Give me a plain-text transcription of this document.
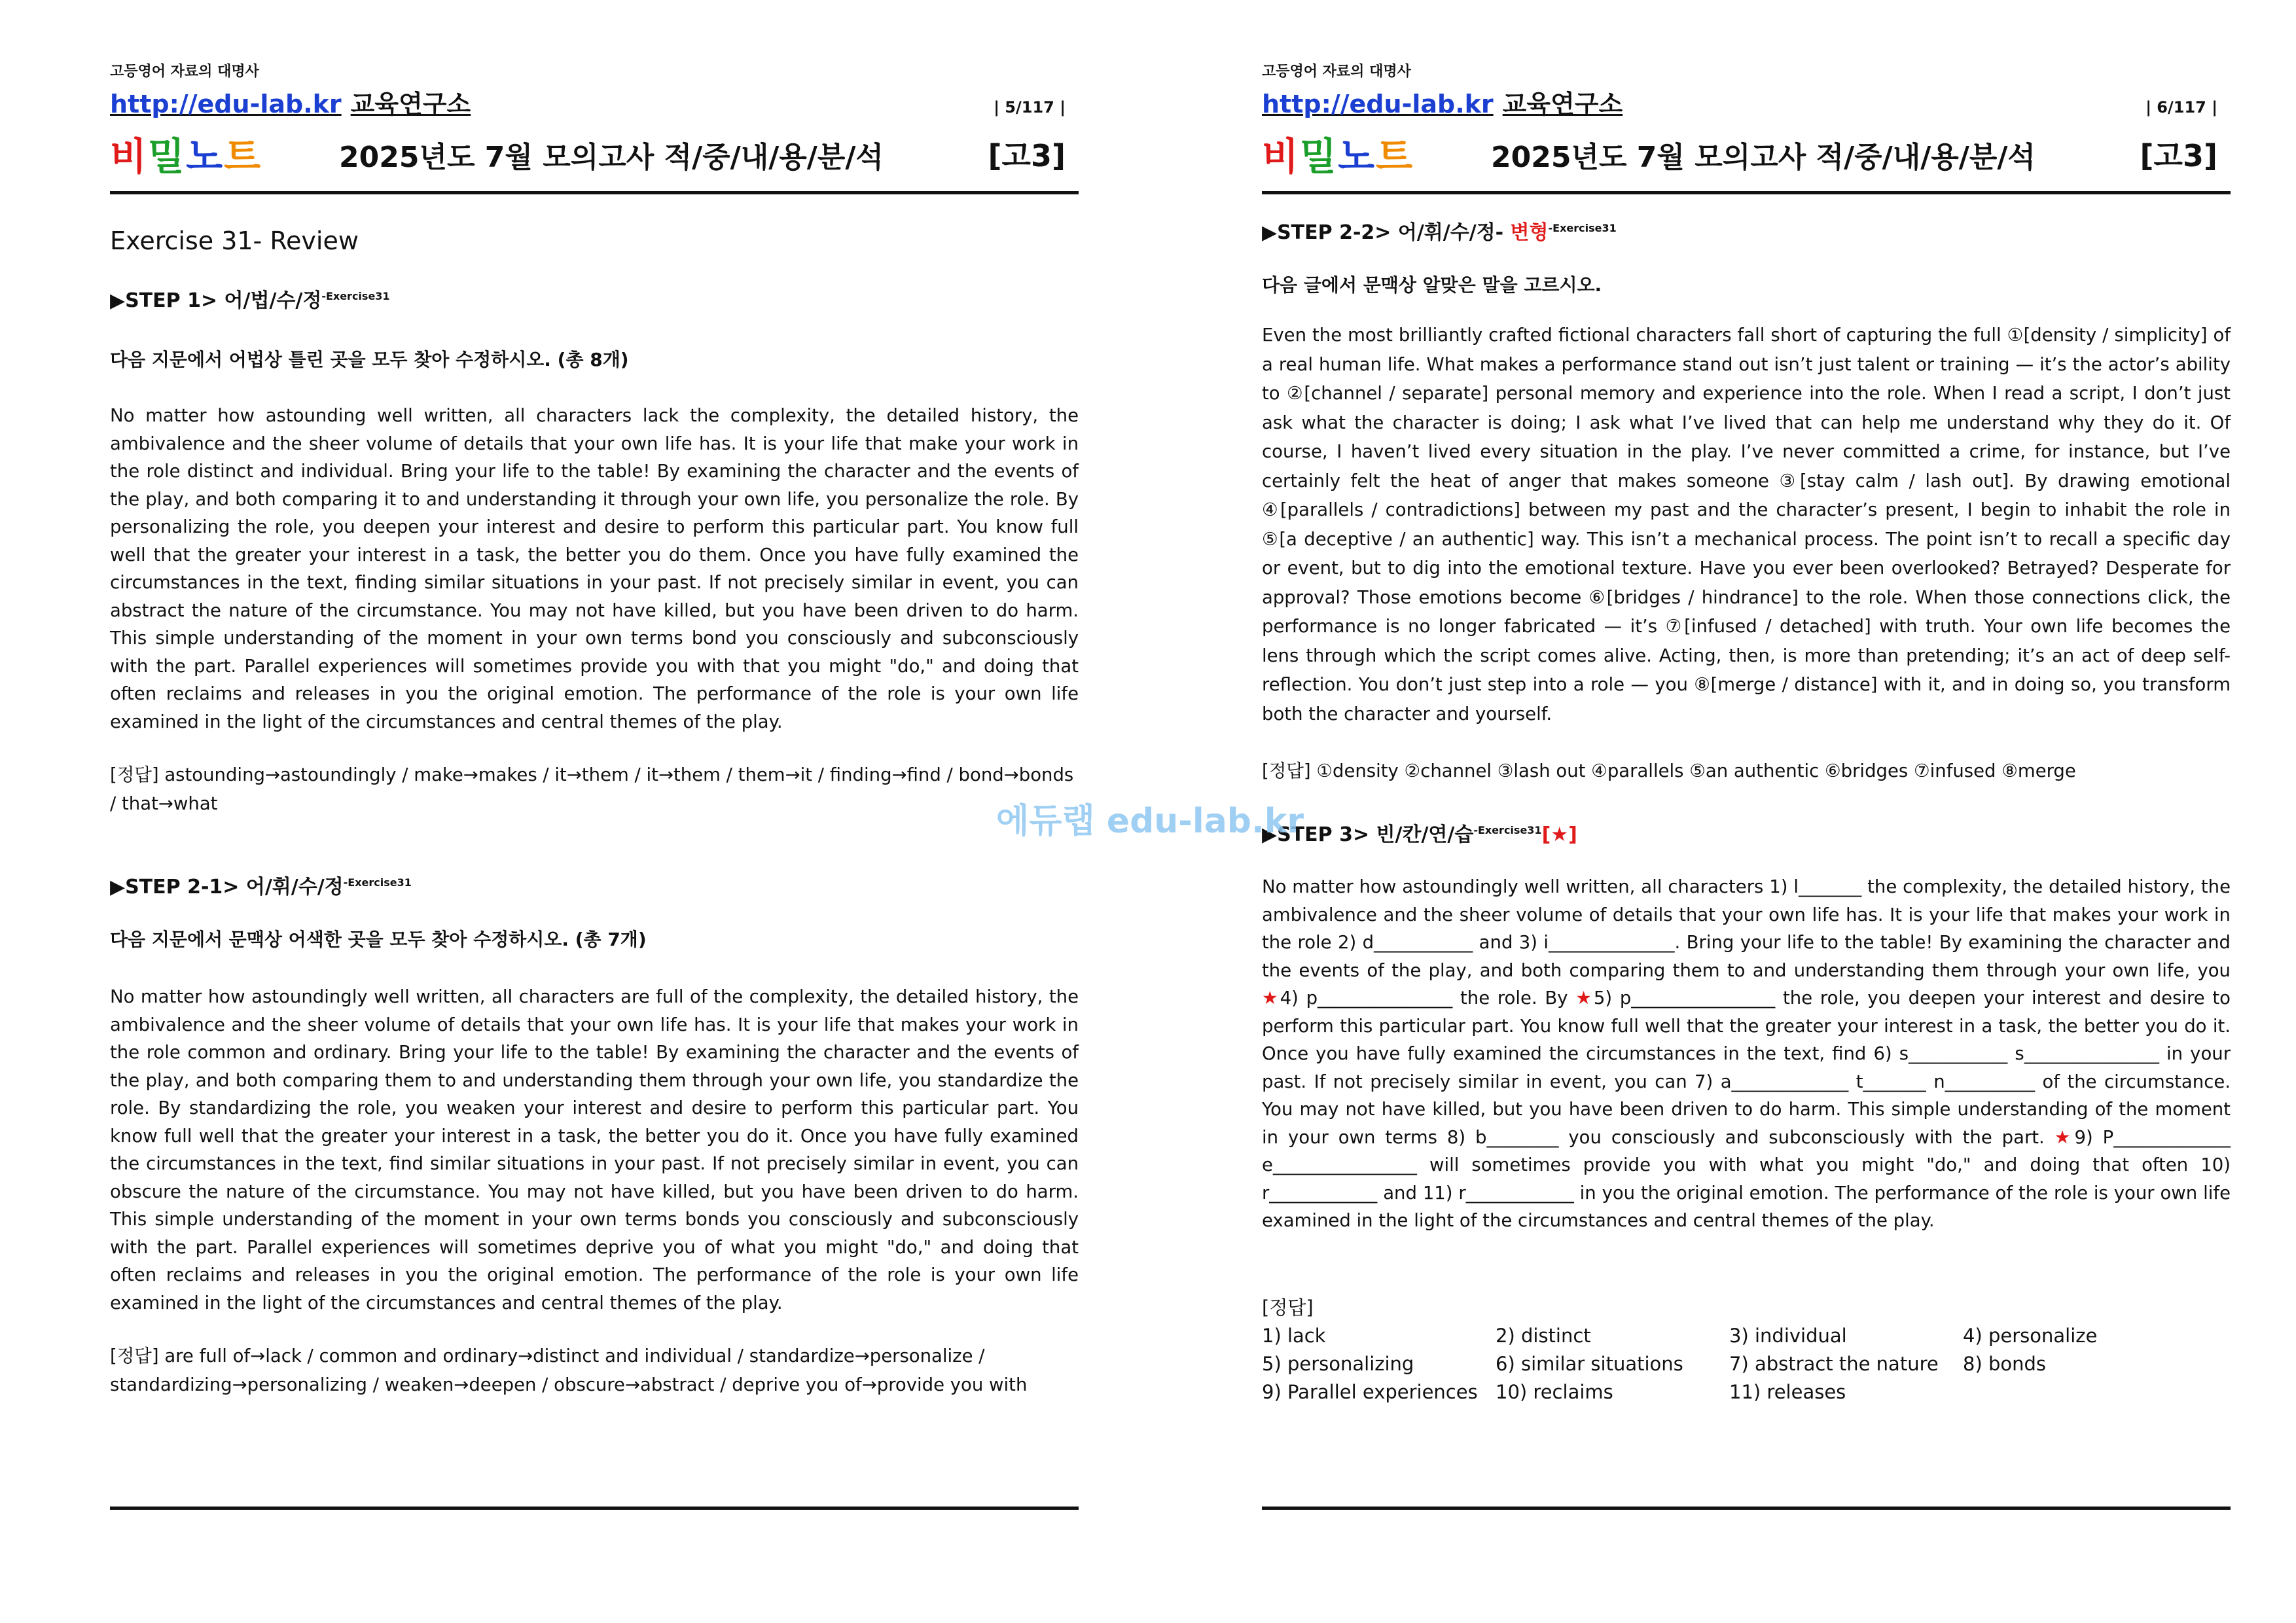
고등영어 자료의 대명사
http://edu-lab.kr 교육연구소	| 5/117 |
비밀노트	2025년도 7월 모의고사 적/중/내/용/분/석	[고3]
Exercise 31- Review
▶STEP 1> 어/법/수/정$^{-Exercise31}$
다음 지문에서 어법상 틀린 곳을 모두 찾아 수정하시오. (총 8개)
No matter how astounding well written, all characters lack the complexity, the detailed history, the ambivalence and the sheer volume of details that your own life has. It is your life that make your work in the role distinct and individual. Bring your life to the table! By examining the character and the events of the play, and both comparing it to and understanding it through your own life, you personalize the role. By personalizing the role, you deepen your interest and desire to perform this particular part. You know full well that the greater your interest in a task, the better you do them. Once you have fully examined the circumstances in the text, finding similar situations in your past. If not precisely similar in event, you can abstract the nature of the circumstance. You may not have killed, but you have been driven to do harm. This simple understanding of the moment in your own terms bond you consciously and subconsciously with the part. Parallel experiences will sometimes provide you with that you might "do," and doing that often reclaims and releases in you the original emotion. The performance of the role is your own life examined in the light of the circumstances and central themes of the play.
[정답] astounding→astoundingly / make→makes / it→them / it→them / them→it / finding→find / bond→bonds / that→what
▶STEP 2-1> 어/휘/수/정$^{-Exercise31}$
다음 지문에서 문맥상 어색한 곳을 모두 찾아 수정하시오. (총 7개)
No matter how astoundingly well written, all characters are full of the complexity, the detailed history, the ambivalence and the sheer volume of details that your own life has. It is your life that makes your work in the role common and ordinary. Bring your life to the table! By examining the character and the events of the play, and both comparing them to and understanding them through your own life, you standardize the role. By standardizing the role, you weaken your interest and desire to perform this particular part. You know full well that the greater your interest in a task, the better you do it. Once you have fully examined the circumstances in the text, find similar situations in your past. If not precisely similar in event, you can obscure the nature of the circumstance. You may not have killed, but you have been driven to do harm. This simple understanding of the moment in your own terms bonds you consciously and subconsciously with the part. Parallel experiences will sometimes deprive you of what you might "do," and doing that often reclaims and releases in you the original emotion. The performance of the role is your own life examined in the light of the circumstances and central themes of the play.
[정답] are full of→lack / common and ordinary→distinct and individual / standardize→personalize / standardizing→personalizing / weaken→deepen / obscure→abstract / deprive you of→provide you with
고등영어 자료의 대명사
http://edu-lab.kr 교육연구소	| 6/117 |
비밀노트	2025년도 7월 모의고사 적/중/내/용/분/석	[고3]
▶STEP 2-2> 어/휘/수/정- 변형$^{-Exercise31}$
다음 글에서 문맥상 알맞은 말을 고르시오.
Even the most brilliantly crafted fictional characters fall short of capturing the full ①[density / simplicity] of a real human life. What makes a performance stand out isn’t just talent or training — it’s the actor’s ability to ②[channel / separate] personal memory and experience into the role. When I read a script, I don’t just ask what the character is doing; I ask what I’ve lived that can help me understand why they do it. Of course, I haven’t lived every situation in the play. I’ve never committed a crime, for instance, but I’ve certainly felt the heat of anger that makes someone ③[stay calm / lash out]. By drawing emotional ④[parallels / contradictions] between my past and the character’s present, I begin to inhabit the role in ⑤[a deceptive / an authentic] way. This isn’t a mechanical process. The point isn’t to recall a specific day or event, but to dig into the emotional texture. Have you ever been overlooked? Betrayed? Desperate for approval? Those emotions become ⑥[bridges / hindrance] to the role. When those connections click, the performance is no longer fabricated — it’s ⑦[infused / detached] with truth. Your own life becomes the lens through which the script comes alive. Acting, then, is more than pretending; it’s an act of deep self-reflection. You don’t just step into a role — you ⑧[merge / distance] with it, and in doing so, you transform both the character and yourself.
[정답] ①density ②channel ③lash out ④parallels ⑤an authentic ⑥bridges ⑦infused ⑧merge
▶STEP 3> 빈/칸/연/습$^{-Exercise31}$[★]
No matter how astoundingly well written, all characters 1) l_______ the complexity, the detailed history, the ambivalence and the sheer volume of details that your own life has. It is your life that makes your work in the role 2) d___________ and 3) i______________. Bring your life to the table! By examining the character and the events of the play, and both comparing them to and understanding them through your own life, you ★4) p_______________ the role. By ★5) p________________ the role, you deepen your interest and desire to perform this particular part. You know full well that the greater your interest in a task, the better you do it. Once you have fully examined the circumstances in the text, find 6) s___________ s_______________ in your past. If not precisely similar in event, you can 7) a_____________ t_______ n__________ of the circumstance. You may not have killed, but you have been driven to do harm. This simple understanding of the moment in your own terms 8) b________ you consciously and subconsciously with the part. ★9) P_____________ e________________ will sometimes provide you with what you might "do," and doing that often 10) r____________ and 11) r____________ in you the original emotion. The performance of the role is your own life examined in the light of the circumstances and central themes of the play.
[정답]
1) lack	2) distinct	3) individual	4) personalize
5) personalizing	6) similar situations	7) abstract the nature	8) bonds
9) Parallel experiences 10) reclaims	11) releases
에듀랩 edu-lab.kr
